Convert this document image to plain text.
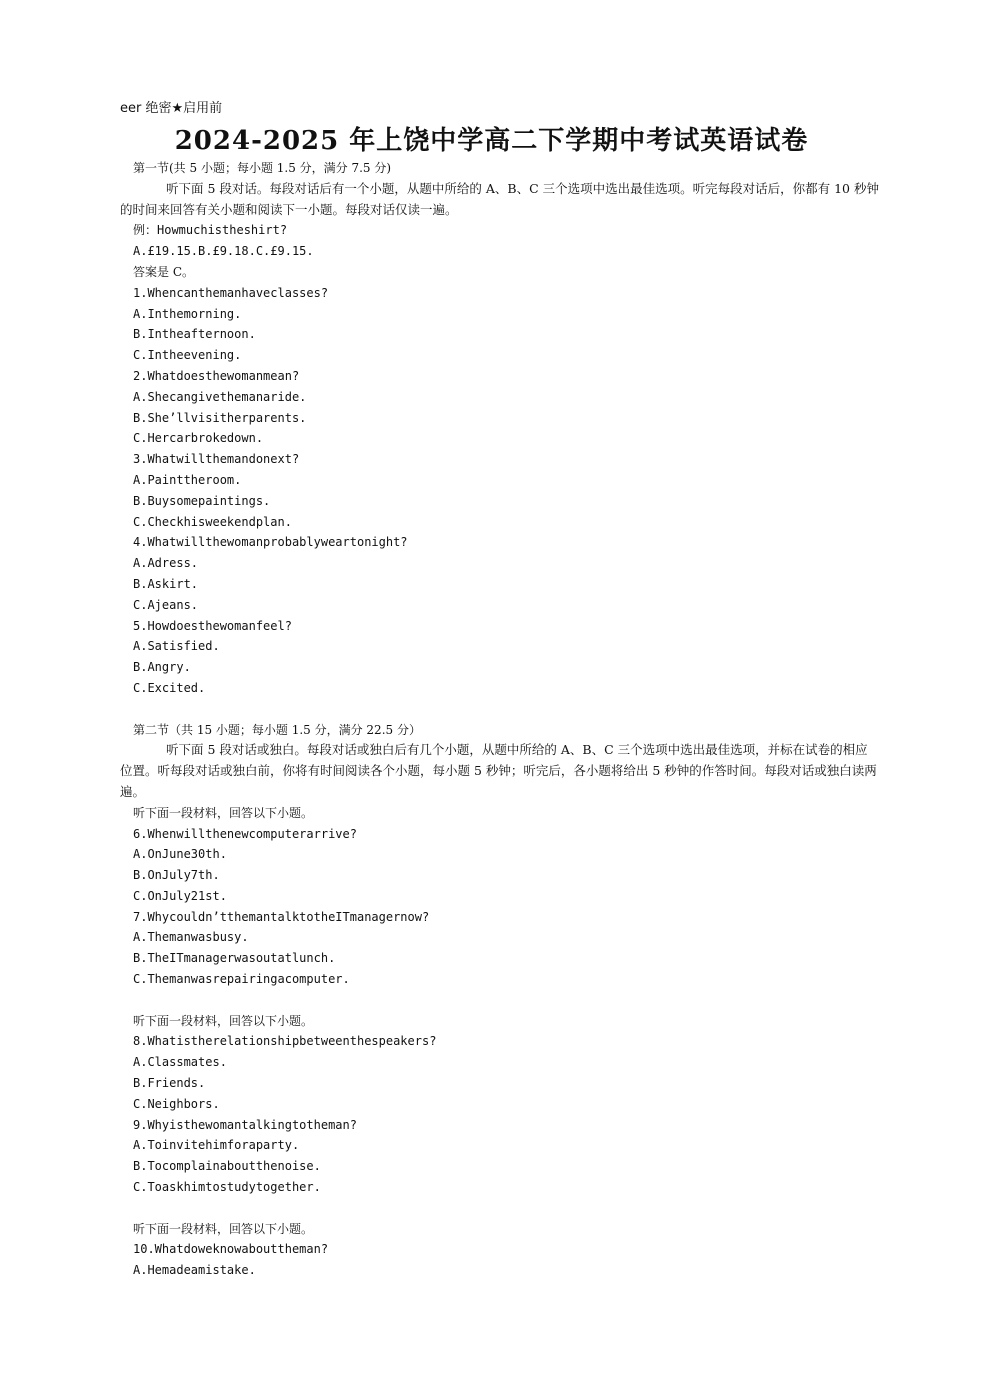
eer 绝密★启用前
2024-2025 年上饶中学高二下学期中考试英语试卷
第一节(共 5 小题；每小题 1.5 分，满分 7.5 分)
听下面 5 段对话。每段对话后有一个小题，从题中所给的 A、B、C 三个选项中选出最佳选项。听完每段对话后，你都有 10 秒钟的时间来回答有关小题和阅读下一小题。每段对话仅读一遍。
例：Howmuchistheshirt?
A.£19.15.B.£9.18.C.£9.15.
答案是 C。
1.Whencanthemanhaveclasses?
A.Inthemorning.
B.Intheafternoon.
C.Intheevening.
2.Whatdoesthewomanmean?
A.Shecangivethemanaride.
B.She’llvisitherparents.
C.Hercarbrokedown.
3.Whatwillthemandonext?
A.Painttheroom.
B.Buysomepaintings.
C.Checkhisweekendplan.
4.Whatwillthewomanprobablyweartonight?
A.Adress.
B.Askirt.
C.Ajeans.
5.Howdoesthewomanfeel?
A.Satisfied.
B.Angry.
C.Excited.
第二节（共 15 小题；每小题 1.5 分，满分 22.5 分）
听下面 5 段对话或独白。每段对话或独白后有几个小题，从题中所给的 A、B、C 三个选项中选出最佳选项，并标在试卷的相应位置。听每段对话或独白前，你将有时间阅读各个小题，每小题 5 秒钟；听完后，各小题将给出 5 秒钟的作答时间。每段对话或独白读两遍。
听下面一段材料，回答以下小题。
6.Whenwillthenewcomputerarrive?
A.OnJune30th.
B.OnJuly7th.
C.OnJuly21st.
7.Whycouldn’tthemantalktotheITmanagernow?
A.Themanwasbusy.
B.TheITmanagerwasoutatlunch.
C.Themanwasrepairingacomputer.
听下面一段材料，回答以下小题。
8.Whatistherelationshipbetweenthespeakers?
A.Classmates.
B.Friends.
C.Neighbors.
9.Whyisthewomantalkingtotheman?
A.Toinvitehimforaparty.
B.Tocomplainaboutthenoise.
C.Toaskhimtostudytogether.
听下面一段材料，回答以下小题。
10.Whatdoweknowabouttheman?
A.Hemadeamistake.
